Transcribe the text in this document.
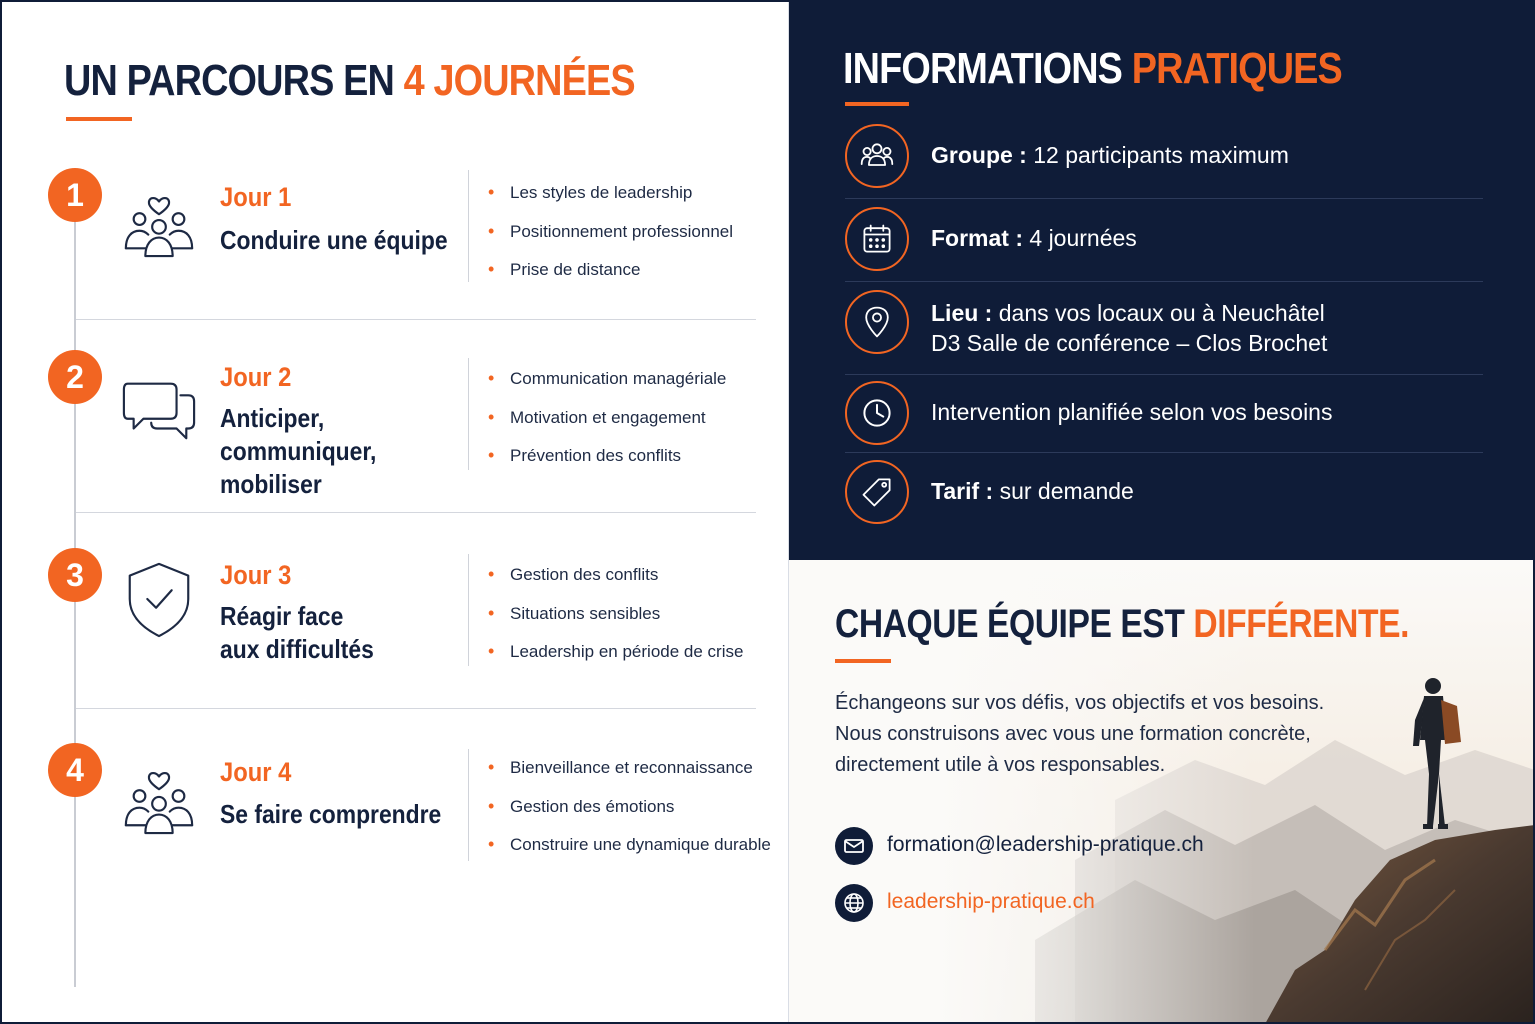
UN PARCOURS EN 4 JOURNÉES
1	Jour 1
Conduire une équipe
• Les styles de leadership
• Positionnement professionnel
• Prise de distance
2	Jour 2
Anticiper, communiquer, mobiliser
• Communication managériale
• Motivation et engagement
• Prévention des conflits
3	Jour 3
Réagir face aux difficultés
• Gestion des conflits
• Situations sensibles
• Leadership en période de crise
4	Jour 4
Se faire comprendre
• Bienveillance et reconnaissance
• Gestion des émotions
• Construire une dynamique durable
INFORMATIONS PRATIQUES
Groupe : 12 participants maximum
Format : 4 journées
Lieu : dans vos locaux ou à Neuchâtel
D3 Salle de conférence – Clos Brochet
Intervention planifiée selon vos besoins
Tarif : sur demande
CHAQUE ÉQUIPE EST DIFFÉRENTE.
Échangeons sur vos défis, vos objectifs et vos besoins.
Nous construisons avec vous une formation concrète,
directement utile à vos responsables.
formation@leadership-pratique.ch
leadership-pratique.ch
